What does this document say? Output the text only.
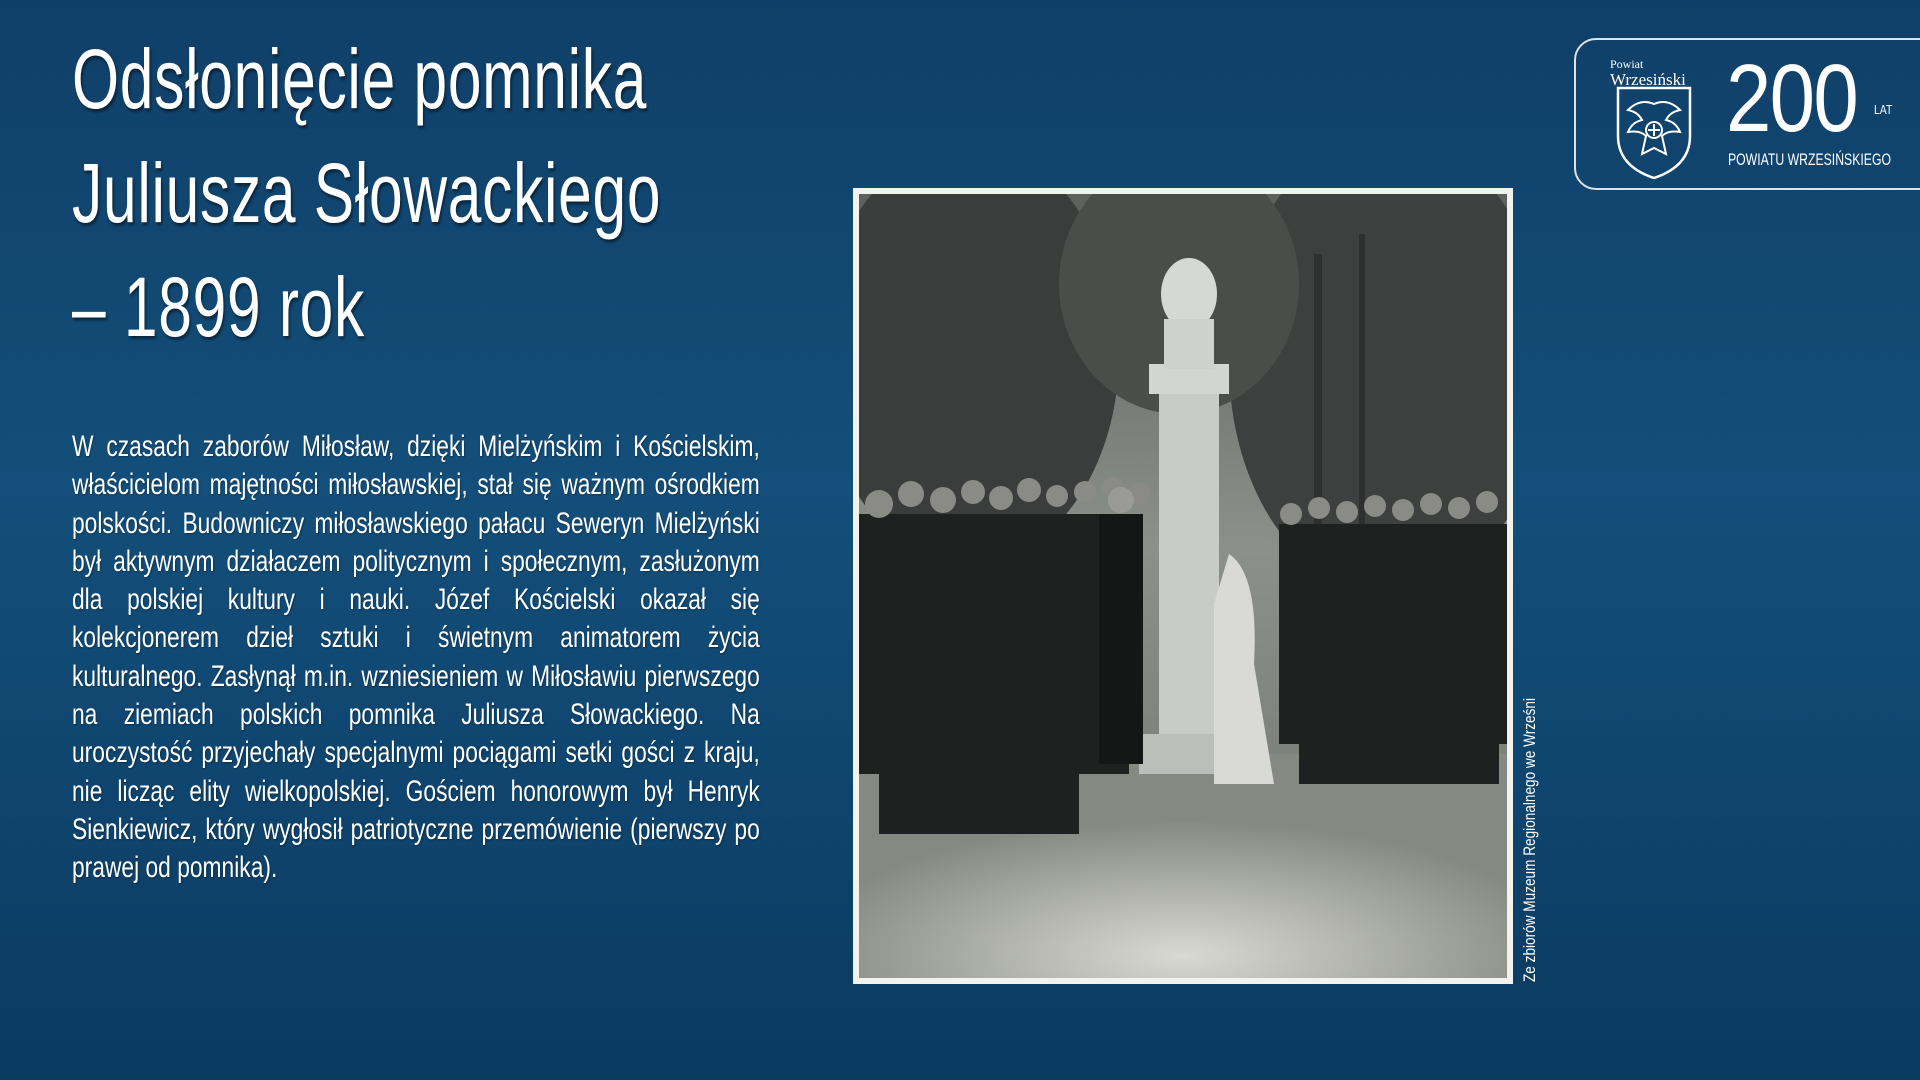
Odsłonięcie pomnika
Juliusza Słowackiego
– 1899 rok
W czasach zaborów Miłosław, dzięki Mielżyńskim i Kościelskim, właścicielom majętności miłosławskiej, stał się ważnym ośrodkiem polskości. Budowniczy miłosławskiego pałacu Seweryn Mielżyński był aktywnym działaczem politycznym i społecznym, zasłużonym dla polskiej kultury i nauki. Józef Kościelski okazał się kolekcjonerem dzieł sztuki i świetnym animatorem życia kulturalnego. Zasłynął m.in. wzniesieniem w Miłosławiu pierwszego na ziemiach polskich pomnika Juliusza Słowackiego. Na uroczystość przyjechały specjalnymi pociągami setki gości z kraju, nie licząc elity wielkopolskiej. Gościem honorowym był Henryk Sienkiewicz, który wygłosił patriotyczne przemówienie (pierwszy po prawej od pomnika).	Ze zbiorów Muzeum Regionalnego we Wrześni
Powiat
Wrzesiński 200 LAT
POWIATU WRZESIŃSKIEGO
